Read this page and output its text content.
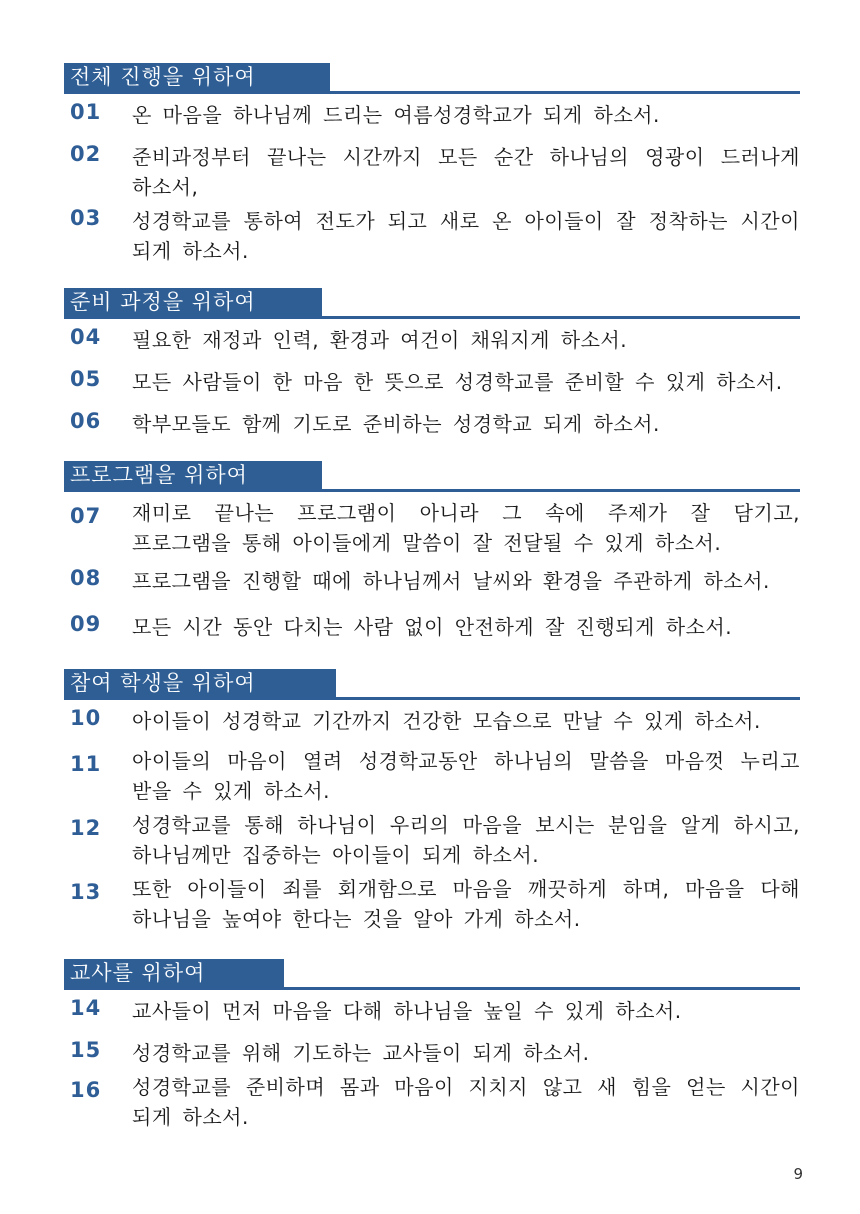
전체 진행을 위하여
01	온 마음을 하나님께 드리는 여름성경학교가 되게 하소서.
02	준비과정부터 끝나는 시간까지 모든 순간 하나님의 영광이 드러나게 하소서,
03	성경학교를 통하여 전도가 되고 새로 온 아이들이 잘 정착하는 시간이 되게 하소서.
준비 과정을 위하여
04	필요한 재정과 인력, 환경과 여건이 채워지게 하소서.
05	모든 사람들이 한 마음 한 뜻으로 성경학교를 준비할 수 있게 하소서.
06	학부모들도 함께 기도로 준비하는 성경학교 되게 하소서.
프로그램을 위하여
07	재미로 끝나는 프로그램이 아니라 그 속에 주제가 잘 담기고, 프로그램을 통해 아이들에게 말씀이 잘 전달될 수 있게 하소서.
08	프로그램을 진행할 때에 하나님께서 날씨와 환경을 주관하게 하소서.
09	모든 시간 동안 다치는 사람 없이 안전하게 잘 진행되게 하소서.
참여 학생을 위하여
10	아이들이 성경학교 기간까지 건강한 모습으로 만날 수 있게 하소서.
11	아이들의 마음이 열려 성경학교동안 하나님의 말씀을 마음껏 누리고 받을 수 있게 하소서.
12	성경학교를 통해 하나님이 우리의 마음을 보시는 분임을 알게 하시고, 하나님께만 집중하는 아이들이 되게 하소서.
13	또한 아이들이 죄를 회개함으로 마음을 깨끗하게 하며, 마음을 다해 하나님을 높여야 한다는 것을 알아 가게 하소서.
교사를 위하여
14	교사들이 먼저 마음을 다해 하나님을 높일 수 있게 하소서.
15	성경학교를 위해 기도하는 교사들이 되게 하소서.
16	성경학교를 준비하며 몸과 마음이 지치지 않고 새 힘을 얻는 시간이 되게 하소서.
9
